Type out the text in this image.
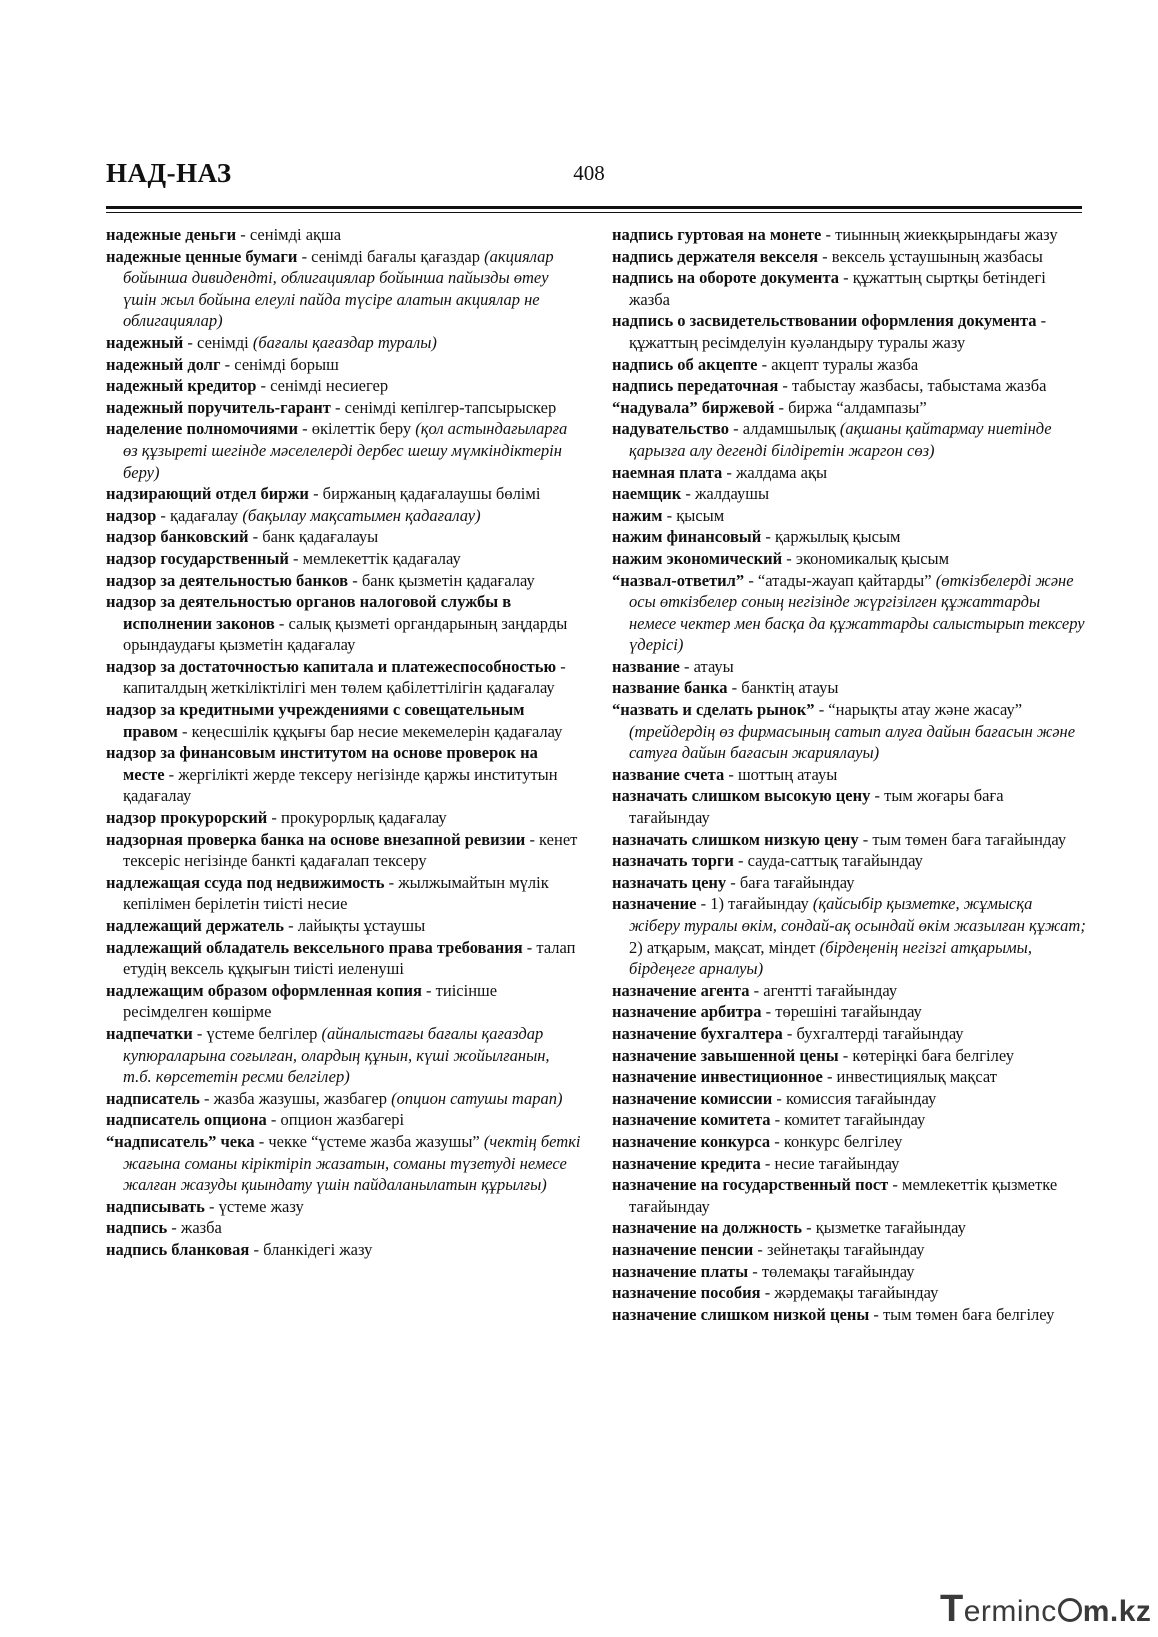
НАД-НАЗ	408

надежные деньги - сенімді ақша

надежные ценные бумаги - сенімді бағалы қағаздар (акциялар бойынша дивидендті, облигациялар бойынша пайызды өтеу үшін жыл бойына елеулі пайда түсіре алатын акциялар не облигациялар)

надежный - сенімді (бағалы қағаздар туралы)

надежный долг - сенімді борыш

надежный кредитор - сенімді несиегер

надежный поручитель-гарант - сенімді кепілгер-тапсырыскер

наделение полномочиями - өкілеттік беру (қол астындағыларға өз құзыреті шегінде мәселелерді дербес шешу мүмкіндіктерін беру)

надзирающий отдел биржи - биржаның қадағалаушы бөлімі

надзор - қадағалау (бақылау мақсатымен қадағалау)

надзор банковский - банк қадағалауы

надзор государственный - мемлекеттік қадағалау

надзор за деятельностью банков - банк қызметін қадағалау

надзор за деятельностью органов налоговой службы в исполнении законов - салық қызметі органдарының заңдарды орындаудағы қызметін қадағалау

надзор за достаточностью капитала и платежеспособностью - капиталдың жеткіліктілігі мен төлем қабілеттілігін қадағалау

надзор за кредитными учреждениями с совещательным правом - кеңесшілік құқығы бар несие мекемелерін қадағалау

надзор за финансовым институтом на основе проверок на месте - жергілікті жерде тексеру негізінде қаржы институтын қадағалау

надзор прокурорский - прокурорлық қадағалау

надзорная проверка банка на основе внезапной ревизии - кенет тексеріс негізінде банкті қадағалап тексеру

надлежащая ссуда под недвижимость - жылжымайтын мүлік кепілімен берілетін тиісті несие

надлежащий держатель - лайықты ұстаушы

надлежащий обладатель вексельного права требования - талап етудің вексель құқығын тиісті иеленуші

надлежащим образом оформленная копия - тиісінше ресімделген көшірме

надпечатки - үстеме белгілер (айналыстағы бағалы қағаздар купюраларына соғылған, олардың құнын, күші жойылғанын, т.б. көрсететін ресми белгілер)

надписатель - жазба жазушы, жазбагер (опцион сатушы тарап)

надписатель опциона - опцион жазбагері

“надписатель” чека - чекке “үстеме жазба жазушы” (чектің беткі жағына соманы кіріктіріп жазатын, соманы түзетуді немесе жалған жазуды қиындату үшін пайдаланылатын құрылғы)

надписывать - үстеме жазу

надпись - жазба

надпись бланковая - бланкідегі жазу

надпись гуртовая на монете - тиынның жиекқырындағы жазу

надпись держателя векселя - вексель ұстаушының жазбасы

надпись на обороте документа - құжаттың сыртқы бетіндегі жазба

надпись о засвидетельствовании оформления документа - құжаттың ресімделуін куәландыру туралы жазу

надпись об акцепте - акцепт туралы жазба

надпись передаточная - табыстау жазбасы, табыстама жазба

“надувала” биржевой - биржа “алдампазы”

надувательство - алдамшылық (ақшаны қайтармау ниетінде қарызға алу дегенді білдіретін жаргон сөз)

наемная плата - жалдама ақы

наемщик - жалдаушы

нажим - қысым

нажим финансовый - қаржылық қысым

нажим экономический - экономикалық қысым

“назвал-ответил” - “атады-жауап қайтарды” (өткізбелерді және осы өткізбелер соның негізінде жүргізілген құжаттарды немесе чектер мен басқа да құжаттарды салыстырып тексеру үдерісі)

название - атауы

название банка - банктің атауы

“назвать и сделать рынок” - “нарықты атау және жасау” (трейдердің өз фирмасының сатып алуға дайын бағасын және сатуға дайын бағасын жариялауы)

название счета - шоттың атауы

назначать слишком высокую цену - тым жоғары баға тағайындау

назначать слишком низкую цену - тым төмен баға тағайындау

назначать торги - сауда-саттық тағайындау

назначать цену - баға тағайындау

назначение - 1) тағайындау (қайсыбір қызметке, жұмысқа жіберу туралы өкім, сондай-ақ осындай өкім жазылған құжат; 2) атқарым, мақсат, міндет (бірдеңенің негізгі атқарымы, бірдеңеге арналуы)

назначение агента - агентті тағайындау

назначение арбитра - төрешіні тағайындау

назначение бухгалтера - бухгалтерді тағайындау

назначение завышенной цены - көтеріңкі баға белгілеу

назначение инвестиционное - инвестициялық мақсат

назначение комиссии - комиссия тағайындау

назначение комитета - комитет тағайындау

назначение конкурса - конкурс белгілеу

назначение кредита - несие тағайындау

назначение на государственный пост - мемлекеттік қызметке тағайындау

назначение на должность - қызметке тағайындау

назначение пенсии - зейнетақы тағайындау

назначение платы - төлемақы тағайындау

назначение пособия - жәрдемақы тағайындау

назначение слишком низкой цены - тым төмен баға белгілеу

Terminc m.kz
